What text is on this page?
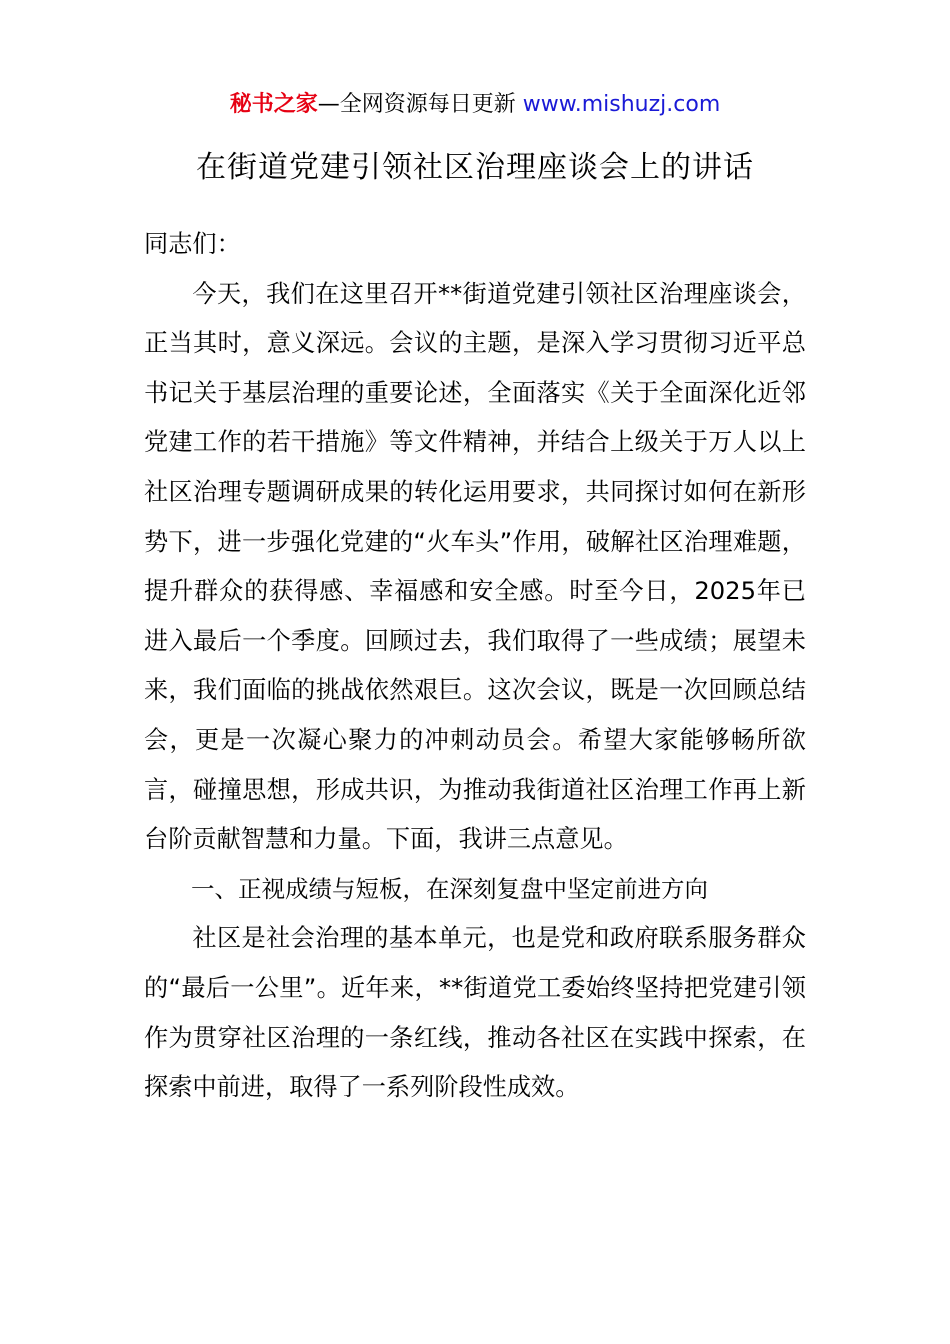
秘书之家—全网资源每日更新 www.mishuzj.com
在街道党建引领社区治理座谈会上的讲话

同志们：

今天，我们在这里召开**街道党建引领社区治理座谈会，正当其时，意义深远。会议的主题，是深入学习贯彻习近平总书记关于基层治理的重要论述，全面落实《关于全面深化近邻党建工作的若干措施》等文件精神，并结合上级关于万人以上社区治理专题调研成果的转化运用要求，共同探讨如何在新形势下，进一步强化党建的“火车头”作用，破解社区治理难题，提升群众的获得感、幸福感和安全感。时至今日，2025年已进入最后一个季度。回顾过去，我们取得了一些成绩；展望未来，我们面临的挑战依然艰巨。这次会议，既是一次回顾总结会，更是一次凝心聚力的冲刺动员会。希望大家能够畅所欲言，碰撞思想，形成共识，为推动我街道社区治理工作再上新台阶贡献智慧和力量。下面，我讲三点意见。

一、正视成绩与短板，在深刻复盘中坚定前进方向

社区是社会治理的基本单元，也是党和政府联系服务群众的“最后一公里”。近年来，**街道党工委始终坚持把党建引领作为贯穿社区治理的一条红线，推动各社区在实践中探索，在探索中前进，取得了一系列阶段性成效。
